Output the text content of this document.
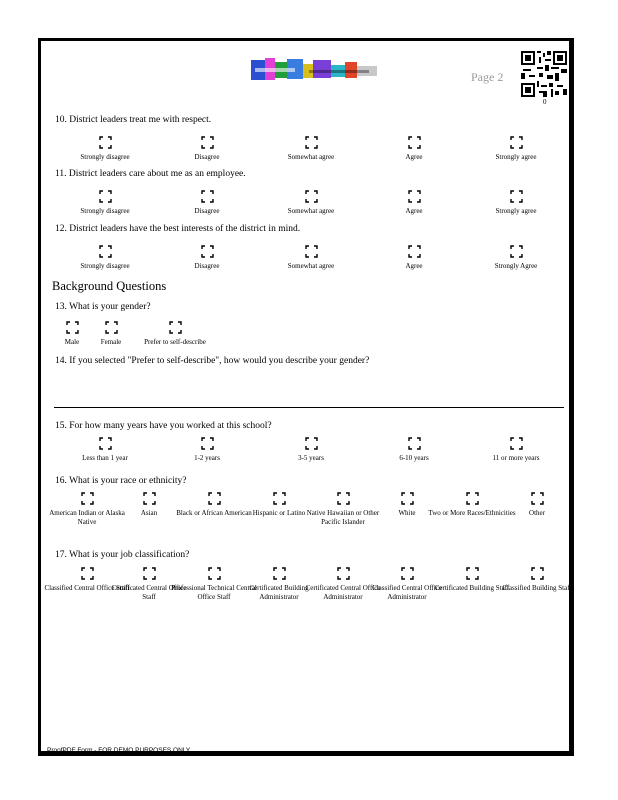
Page 2
0
10. District leaders treat me with respect.
Strongly disagree	Disagree	Somewhat agree	Agree	Strongly agree
11. District leaders care about me as an employee.
Strongly disagree	Disagree	Somewhat agree	Agree	Strongly agree
12. District leaders have the best interests of the district in mind.
Strongly disagree	Disagree	Somewhat agree	Agree	Strongly Agree
Background Questions
13. What is your gender?
Male	Female	Prefer to self-describe
14. If you selected "Prefer to self-describe", how would you describe your gender?
15. For how many years have you worked at this school?
Less than 1 year	1-2 years	3-5 years	6-10 years	11 or more years
16. What is your race or ethnicity?
American Indian or Alaska Native
Asian	Black or African American Hispanic or Latino Native Hawaiian or Other Pacific Islander
White	Two or More Races/Ethnicities	Other
17. What is your job classification?
Classified Central Office Staff
Certificated Central Office Staff
Professional Technical Central Office Staff
Certificated Building Administrator
Certificated Central Office Administrator
Classified Central Office Administrator
Certificated Building Staff
Classified Building Staff
ProofPDF Form - FOR DEMO PURPOSES ONLY
